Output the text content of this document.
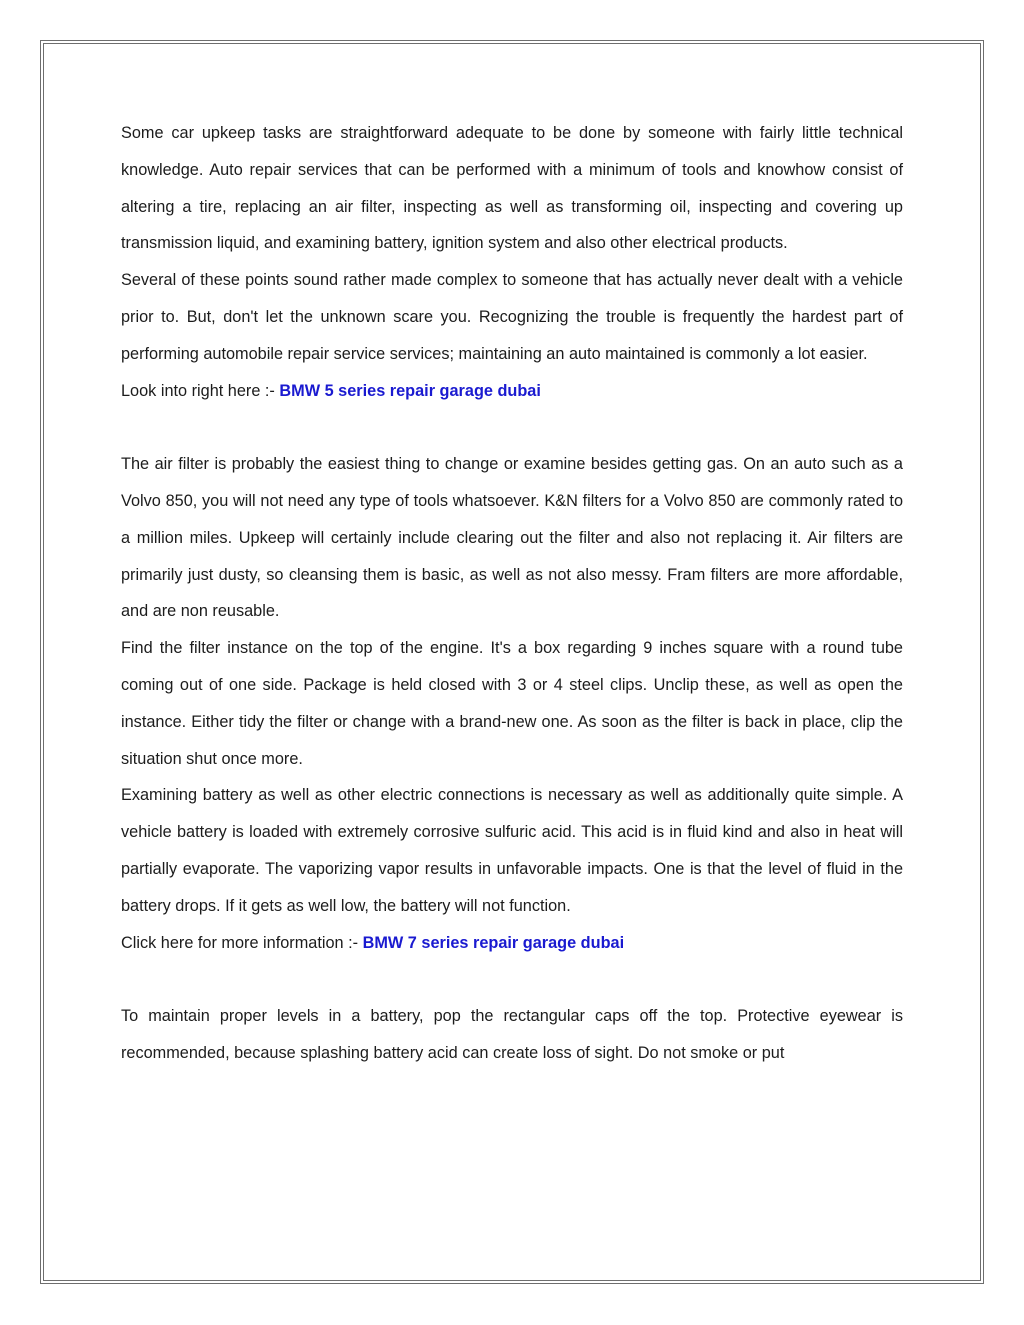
Some car upkeep tasks are straightforward adequate to be done by someone with fairly little technical knowledge. Auto repair services that can be performed with a minimum of tools and knowhow consist of altering a tire, replacing an air filter, inspecting as well as transforming oil, inspecting and covering up transmission liquid, and examining battery, ignition system and also other electrical products.

Several of these points sound rather made complex to someone that has actually never dealt with a vehicle prior to. But, don't let the unknown scare you. Recognizing the trouble is frequently the hardest part of performing automobile repair service services; maintaining an auto maintained is commonly a lot easier.

Look into right here :- BMW 5 series repair garage dubai

The air filter is probably the easiest thing to change or examine besides getting gas. On an auto such as a Volvo 850, you will not need any type of tools whatsoever. K&N filters for a Volvo 850 are commonly rated to a million miles. Upkeep will certainly include clearing out the filter and also not replacing it. Air filters are primarily just dusty, so cleansing them is basic, as well as not also messy. Fram filters are more affordable, and are non reusable.

Find the filter instance on the top of the engine. It's a box regarding 9 inches square with a round tube coming out of one side. Package is held closed with 3 or 4 steel clips. Unclip these, as well as open the instance. Either tidy the filter or change with a brand-new one. As soon as the filter is back in place, clip the situation shut once more.

Examining battery as well as other electric connections is necessary as well as additionally quite simple. A vehicle battery is loaded with extremely corrosive sulfuric acid. This acid is in fluid kind and also in heat will partially evaporate. The vaporizing vapor results in unfavorable impacts. One is that the level of fluid in the battery drops. If it gets as well low, the battery will not function.

Click here for more information :- BMW 7 series repair garage dubai

To maintain proper levels in a battery, pop the rectangular caps off the top. Protective eyewear is recommended, because splashing battery acid can create loss of sight. Do not smoke or put
